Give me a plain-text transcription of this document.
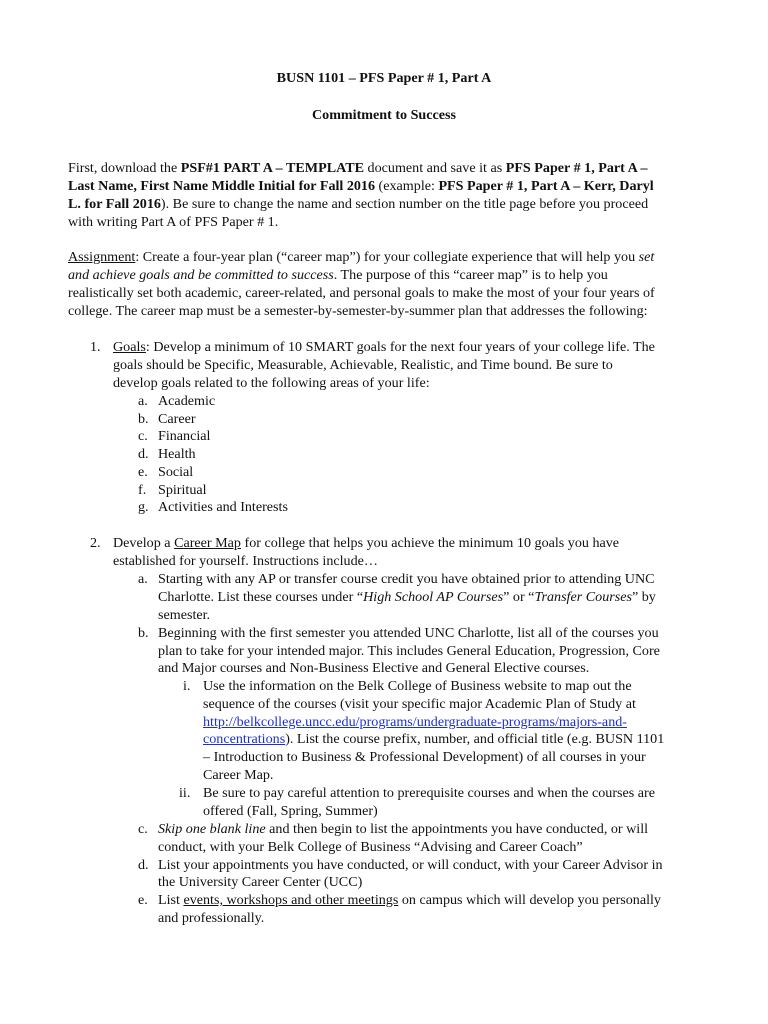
BUSN 1101 – PFS Paper # 1, Part A
Commitment to Success
First, download the PSF#1 PART A – TEMPLATE document and save it as PFS Paper # 1, Part A –
Last Name, First Name Middle Initial for Fall 2016 (example: PFS Paper # 1, Part A – Kerr, Daryl
L. for Fall 2016). Be sure to change the name and section number on the title page before you proceed
with writing Part A of PFS Paper # 1.
Assignment: Create a four-year plan (“career map”) for your collegiate experience that will help you set
and achieve goals and be committed to success. The purpose of this “career map” is to help you
realistically set both academic, career-related, and personal goals to make the most of your four years of
college. The career map must be a semester-by-semester-by-summer plan that addresses the following:
1. Goals: Develop a minimum of 10 SMART goals for the next four years of your college life. The
goals should be Specific, Measurable, Achievable, Realistic, and Time bound. Be sure to
develop goals related to the following areas of your life:
a. Academic
b. Career
c. Financial
d. Health
e. Social
f. Spiritual
g. Activities and Interests
2. Develop a Career Map for college that helps you achieve the minimum 10 goals you have
established for yourself. Instructions include…
a. Starting with any AP or transfer course credit you have obtained prior to attending UNC
Charlotte. List these courses under “High School AP Courses” or “Transfer Courses” by
semester.
b. Beginning with the first semester you attended UNC Charlotte, list all of the courses you
plan to take for your intended major. This includes General Education, Progression, Core
and Major courses and Non-Business Elective and General Elective courses.
i. Use the information on the Belk College of Business website to map out the
sequence of the courses (visit your specific major Academic Plan of Study at
http://belkcollege.uncc.edu/programs/undergraduate-programs/majors-and-
concentrations). List the course prefix, number, and official title (e.g. BUSN 1101
– Introduction to Business & Professional Development) of all courses in your
Career Map.
ii. Be sure to pay careful attention to prerequisite courses and when the courses are
offered (Fall, Spring, Summer)
c. Skip one blank line and then begin to list the appointments you have conducted, or will
conduct, with your Belk College of Business “Advising and Career Coach”
d. List your appointments you have conducted, or will conduct, with your Career Advisor in
the University Career Center (UCC)
e. List events, workshops and other meetings on campus which will develop you personally
and professionally.
